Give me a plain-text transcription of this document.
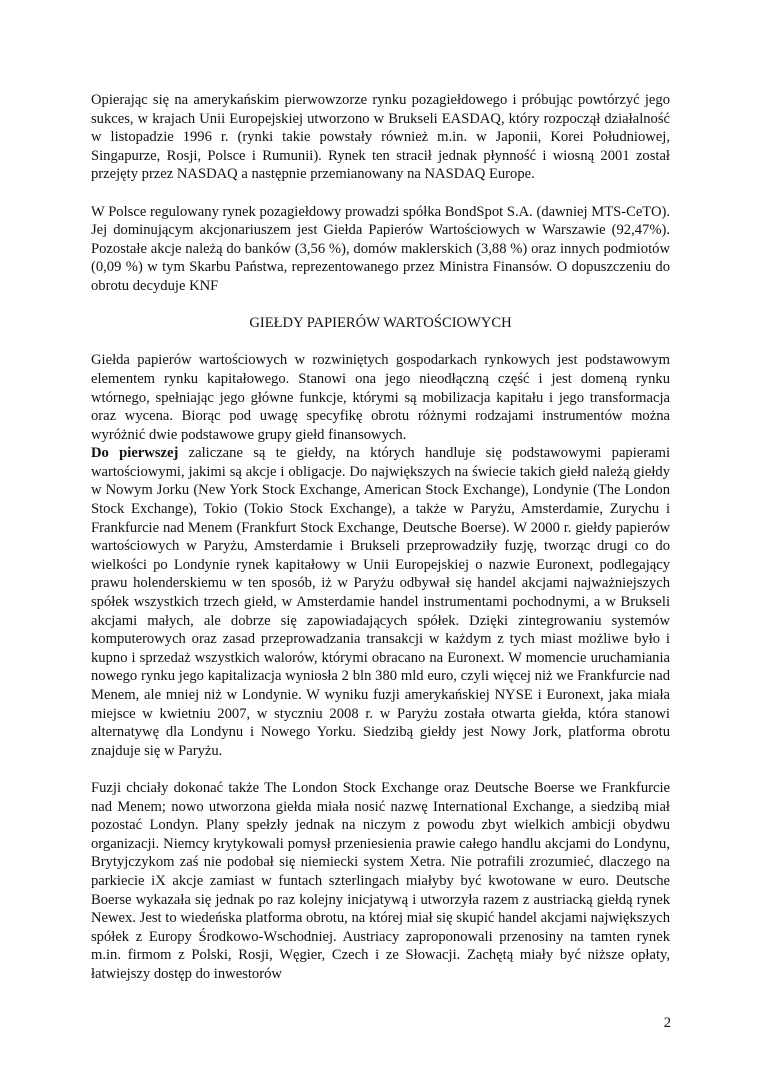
Opierając się na amerykańskim pierwowzorze rynku pozagiełdowego i próbując powtórzyć jego sukces, w krajach Unii Europejskiej utworzono w Brukseli EASDAQ, który rozpoczął działalność w listopadzie 1996 r. (rynki takie powstały również m.in. w Japonii, Korei Południowej, Singapurze, Rosji, Polsce i Rumunii). Rynek ten stracił jednak płynność i wiosną 2001 został przejęty przez NASDAQ a następnie przemianowany na NASDAQ Europe.

W Polsce regulowany rynek pozagiełdowy prowadzi spółka BondSpot S.A. (dawniej MTS-CeTO). Jej dominującym akcjonariuszem jest Giełda Papierów Wartościowych w Warszawie (92,47%). Pozostałe akcje należą do banków (3,56 %), domów maklerskich (3,88 %) oraz innych podmiotów (0,09 %) w tym Skarbu Państwa, reprezentowanego przez Ministra Finansów. O dopuszczeniu do obrotu decyduje KNF

GIEŁDY PAPIERÓW WARTOŚCIOWYCH

Giełda papierów wartościowych w rozwiniętych gospodarkach rynkowych jest podstawowym elementem rynku kapitałowego. Stanowi ona jego nieodłączną część i jest domeną rynku wtórnego, spełniając jego główne funkcje, którymi są mobilizacja kapitału i jego transformacja oraz wycena. Biorąc pod uwagę specyfikę obrotu różnymi rodzajami instrumentów można wyróżnić dwie podstawowe grupy giełd finansowych.

Do pierwszej zaliczane są te giełdy, na których handluje się podstawowymi papierami wartościowymi, jakimi są akcje i obligacje. Do największych na świecie takich giełd należą giełdy w Nowym Jorku (New York Stock Exchange, American Stock Exchange), Londynie (The London Stock Exchange), Tokio (Tokio Stock Exchange), a także w Paryżu, Amsterdamie, Zurychu i Frankfurcie nad Menem (Frankfurt Stock Exchange, Deutsche Boerse). W 2000 r. giełdy papierów wartościowych w Paryżu, Amsterdamie i Brukseli przeprowadziły fuzję, tworząc drugi co do wielkości po Londynie rynek kapitałowy w Unii Europejskiej o nazwie Euronext, podlegający prawu holenderskiemu w ten sposób, iż w Paryżu odbywał się handel akcjami najważniejszych spółek wszystkich trzech giełd, w Amsterdamie handel instrumentami pochodnymi, a w Brukseli akcjami małych, ale dobrze się zapowiadających spółek. Dzięki zintegrowaniu systemów komputerowych oraz zasad przeprowadzania transakcji w każdym z tych miast możliwe było i kupno i sprzedaż wszystkich walorów, którymi obracano na Euronext. W momencie uruchamiania nowego rynku jego kapitalizacja wyniosła 2 bln 380 mld euro, czyli więcej niż we Frankfurcie nad Menem, ale mniej niż w Londynie. W wyniku fuzji amerykańskiej NYSE i Euronext, jaka miała miejsce w kwietniu 2007, w styczniu 2008 r. w Paryżu została otwarta giełda, która stanowi alternatywę dla Londynu i Nowego Yorku. Siedzibą giełdy jest Nowy Jork, platforma obrotu znajduje się w Paryżu.

Fuzji chciały dokonać także The London Stock Exchange oraz Deutsche Boerse we Frankfurcie nad Menem; nowo utworzona giełda miała nosić nazwę International Exchange, a siedzibą miał pozostać Londyn. Plany spełzły jednak na niczym z powodu zbyt wielkich ambicji obydwu organizacji. Niemcy krytykowali pomysł przeniesienia prawie całego handlu akcjami do Londynu, Brytyjczykom zaś nie podobał się niemiecki system Xetra. Nie potrafili zrozumieć, dlaczego na parkiecie iX akcje zamiast w funtach szterlingach miałyby być kwotowane w euro. Deutsche Boerse wykazała się jednak po raz kolejny inicjatywą i utworzyła razem z austriacką giełdą rynek Newex. Jest to wiedeńska platforma obrotu, na której miał się skupić handel akcjami największych spółek z Europy Środkowo-Wschodniej. Austriacy zaproponowali przenosiny na tamten rynek m.in. firmom z Polski, Rosji, Węgier, Czech i ze Słowacji. Zachętą miały być niższe opłaty, łatwiejszy dostęp do inwestorów

2
